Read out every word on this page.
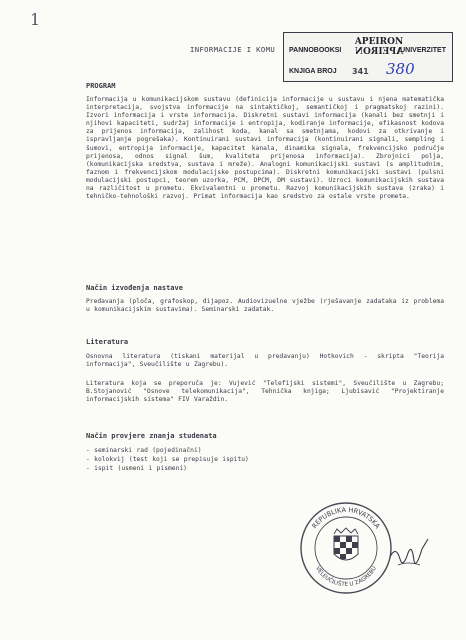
1
INFORMACIJE I KOMU PANNOBOOKSI
APEIRON
APEIRON
UNIVERZITET
KNJIGA BROJ 341 380
PROGRAM
Informacija u komunikacijskom sustavu (definicija informacije u sustavu i njena matematička interpretacija, svojstva informacije na sintaktičkoj, semantičkoj i pragmatskoj razini). Izvori informacija i vrste informacija. Diskretni sustavi informacija (kanali bez smetnji i njihovi kapaciteti, sudržaj informacije i entropija, kodiranje informacije, efikasnost kodova za prijenos informacija, zalihost koda, kanal sa smetnjama, kodovi za otkrivanje i ispravljanje pogrešaka). Kontinuirani sustavi informacija (kontinuirani signali, sempling i šumovi, entropija informacije, kapacitet kanala, dinamika signala, frekvencijsko područje prijenosa, odnos signal šum, kvaliteta prijenosa informacija). Zbrojnici polja, (komunikacijska sredstva, sustava i mreže). Analogni komunikacijski sustavi (s amplitudnim, faznom i frekvencijskom modulacijske postupcima). Diskretni komunikacijski sustavi (pulsni modulacijski postupci, teorem uzorka, PCM, DPCM, DM sustavi). Uzroci komunikacijskih sustava na različitost u prometu. Ekvivalentni u prometu. Razvoj komunikacijskih sustava (zraka) i tehničko-tehnološki razvoj. Primat informacija kao sredstvo za ostale vrste prometa.
Način izvođenja nastave
Predavanja (ploča, grafoskop, dijapoz. Audiovizuelne vježbe (rješavanje zadataka iz problema u komunikacijskim sustavima). Seminarski zadatak.
Literatura
Osnovna literatura (tiskani materijal u predavanju) Hotkovich - skripta "Teorija informacija", Sveučilište u Zagrebu).
Literatura koja se preporuča je: Vujević "Telefijski sistemi", Sveučilište u Zagrebu; B.Stojanović "Osnove telekomunikacija", Tehnička knjiga; Ljubisavić "Projektiranje informacijskih sistema" FIV Varaždin.
Način provjere znanja studenata
- seminarski rad (pojedinačni)
- kolokvij (test koji se prepisuje ispitu)
- ispit (usmeni i pismeni)
REPUBLIKA HRVATSKA
VELEUČILIŠTE U ZAGREBU
